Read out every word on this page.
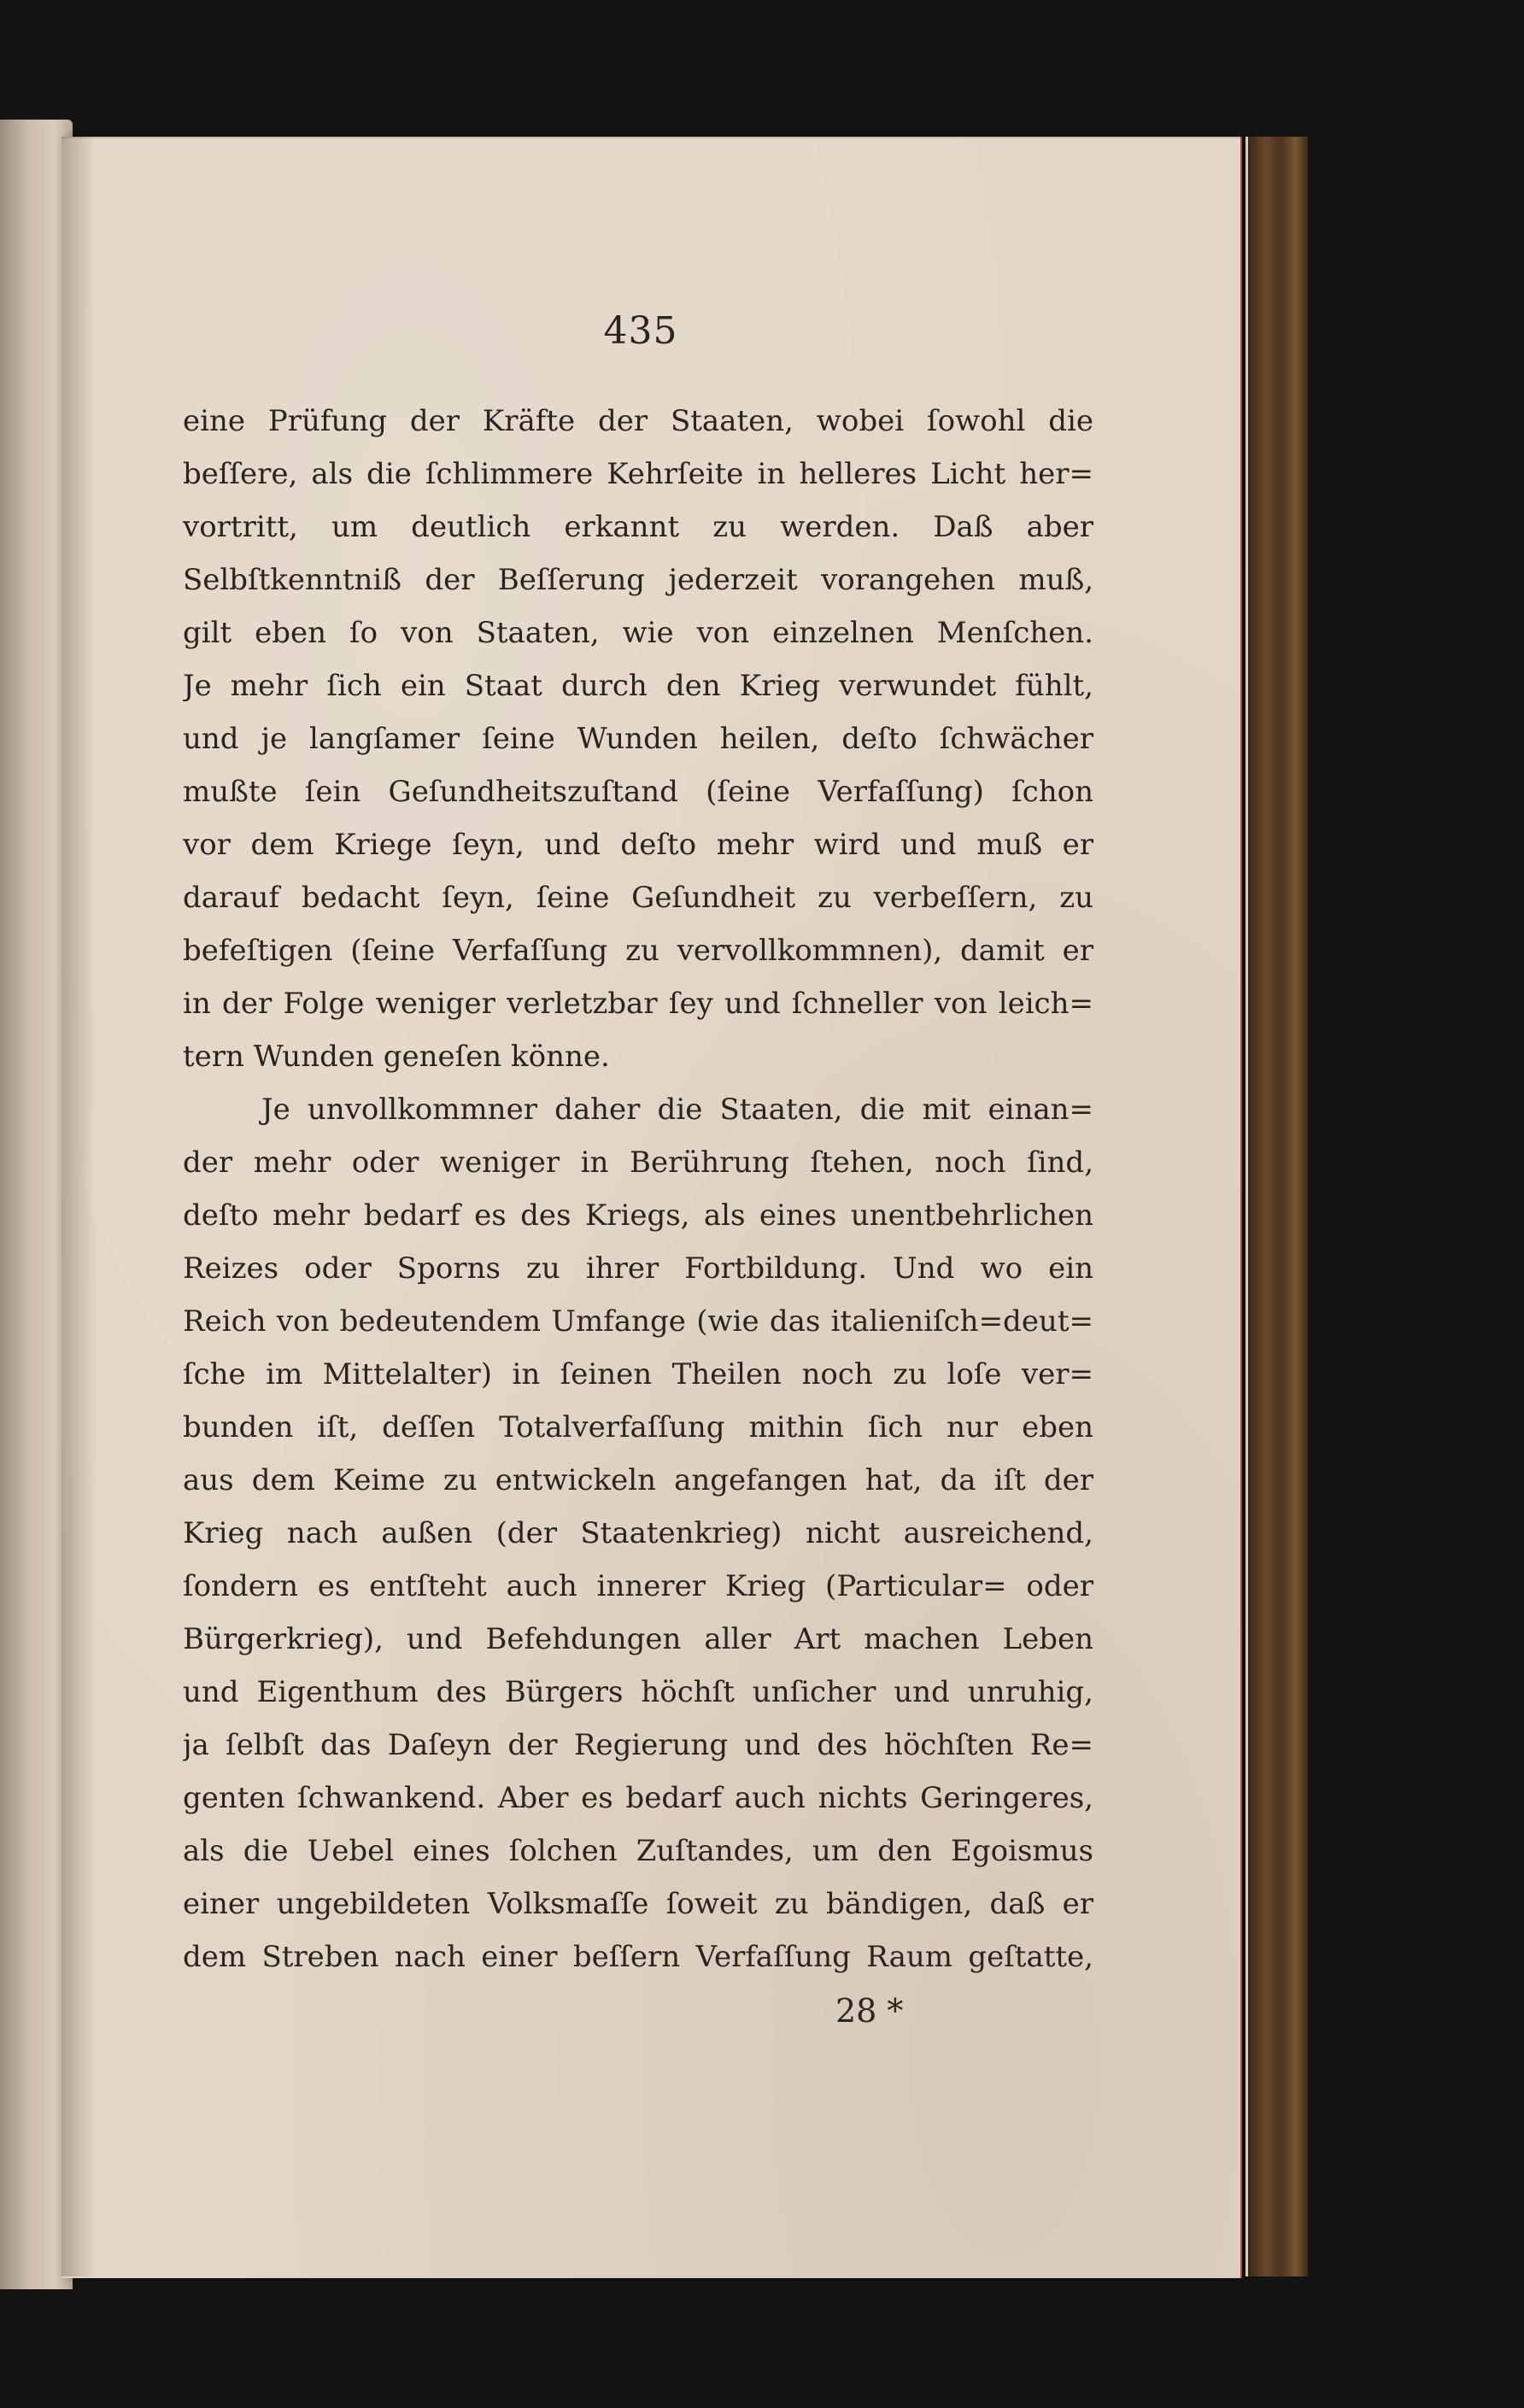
435
eine Prüfung der Kräfte der Staaten, wobei ſowohl die
beſſere, als die ſchlimmere Kehrſeite in helleres Licht her=
vortritt, um deutlich erkannt zu werden. Daß aber
Selbſtkenntniß der Beſſerung jederzeit vorangehen muß,
gilt eben ſo von Staaten, wie von einzelnen Menſchen.
Je mehr ſich ein Staat durch den Krieg verwundet fühlt,
und je langſamer ſeine Wunden heilen, deſto ſchwächer
mußte ſein Geſundheitszuſtand (ſeine Verfaſſung) ſchon
vor dem Kriege ſeyn, und deſto mehr wird und muß er
darauf bedacht ſeyn, ſeine Geſundheit zu verbeſſern, zu
befeſtigen (ſeine Verfaſſung zu vervollkommnen), damit er
in der Folge weniger verletzbar ſey und ſchneller von leich=
tern Wunden geneſen könne.
Je unvollkommner daher die Staaten, die mit einan=
der mehr oder weniger in Berührung ſtehen, noch ſind,
deſto mehr bedarf es des Kriegs, als eines unentbehrlichen
Reizes oder Sporns zu ihrer Fortbildung. Und wo ein
Reich von bedeutendem Umfange (wie das italieniſch=deut=
ſche im Mittelalter) in ſeinen Theilen noch zu loſe ver=
bunden iſt, deſſen Totalverfaſſung mithin ſich nur eben
aus dem Keime zu entwickeln angefangen hat, da iſt der
Krieg nach außen (der Staatenkrieg) nicht ausreichend,
ſondern es entſteht auch innerer Krieg (Particular= oder
Bürgerkrieg), und Befehdungen aller Art machen Leben
und Eigenthum des Bürgers höchſt unſicher und unruhig,
ja ſelbſt das Daſeyn der Regierung und des höchſten Re=
genten ſchwankend. Aber es bedarf auch nichts Geringeres,
als die Uebel eines ſolchen Zuſtandes, um den Egoismus
einer ungebildeten Volksmaſſe ſoweit zu bändigen, daß er
dem Streben nach einer beſſern Verfaſſung Raum geſtatte,
28 *
